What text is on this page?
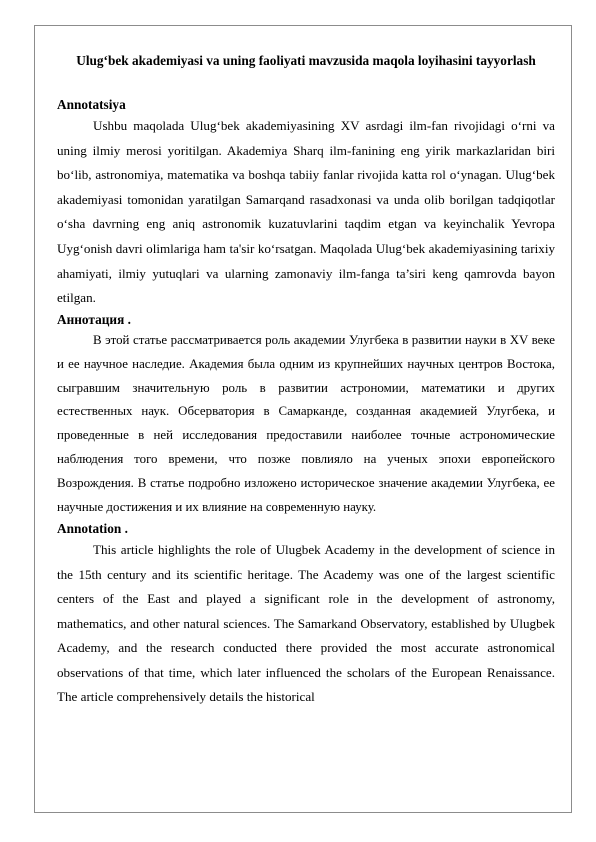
Ulug‘bek akademiyasi va uning faoliyati mavzusida maqola loyihasini tayyorlash

Annotatsiya

Ushbu maqolada Ulug‘bek akademiyasining XV asrdagi ilm-fan rivojidagi o‘rni va uning ilmiy merosi yoritilgan. Akademiya Sharq ilm-fanining eng yirik markazlaridan biri bo‘lib, astronomiya, matematika va boshqa tabiiy fanlar rivojida katta rol o‘ynagan. Ulug‘bek akademiyasi tomonidan yaratilgan Samarqand rasadxonasi va unda olib borilgan tadqiqotlar o‘sha davrning eng aniq astronomik kuzatuvlarini taqdim etgan va keyinchalik Yevropa Uyg‘onish davri olimlariga ham ta'sir ko‘rsatgan. Maqolada Ulug‘bek akademiyasining tarixiy ahamiyati, ilmiy yutuqlari va ularning zamonaviy ilm-fanga ta’siri keng qamrovda bayon etilgan.

Аннотация .

В этой статье рассматривается роль академии Улугбека в развитии науки в XV веке и ее научное наследие. Академия была одним из крупнейших научных центров Востока, сыгравшим значительную роль в развитии астрономии, математики и других естественных наук. Обсерватория в Самарканде, созданная академией Улугбека, и проведенные в ней исследования предоставили наиболее точные астрономические наблюдения того времени, что позже повлияло на ученых эпохи европейского Возрождения. В статье подробно изложено историческое значение академии Улугбека, ее научные достижения и их влияние на современную науку.

Annotation .

This article highlights the role of Ulugbek Academy in the development of science in the 15th century and its scientific heritage. The Academy was one of the largest scientific centers of the East and played a significant role in the development of astronomy, mathematics, and other natural sciences. The Samarkand Observatory, established by Ulugbek Academy, and the research conducted there provided the most accurate astronomical observations of that time, which later influenced the scholars of the European Renaissance. The article comprehensively details the historical
